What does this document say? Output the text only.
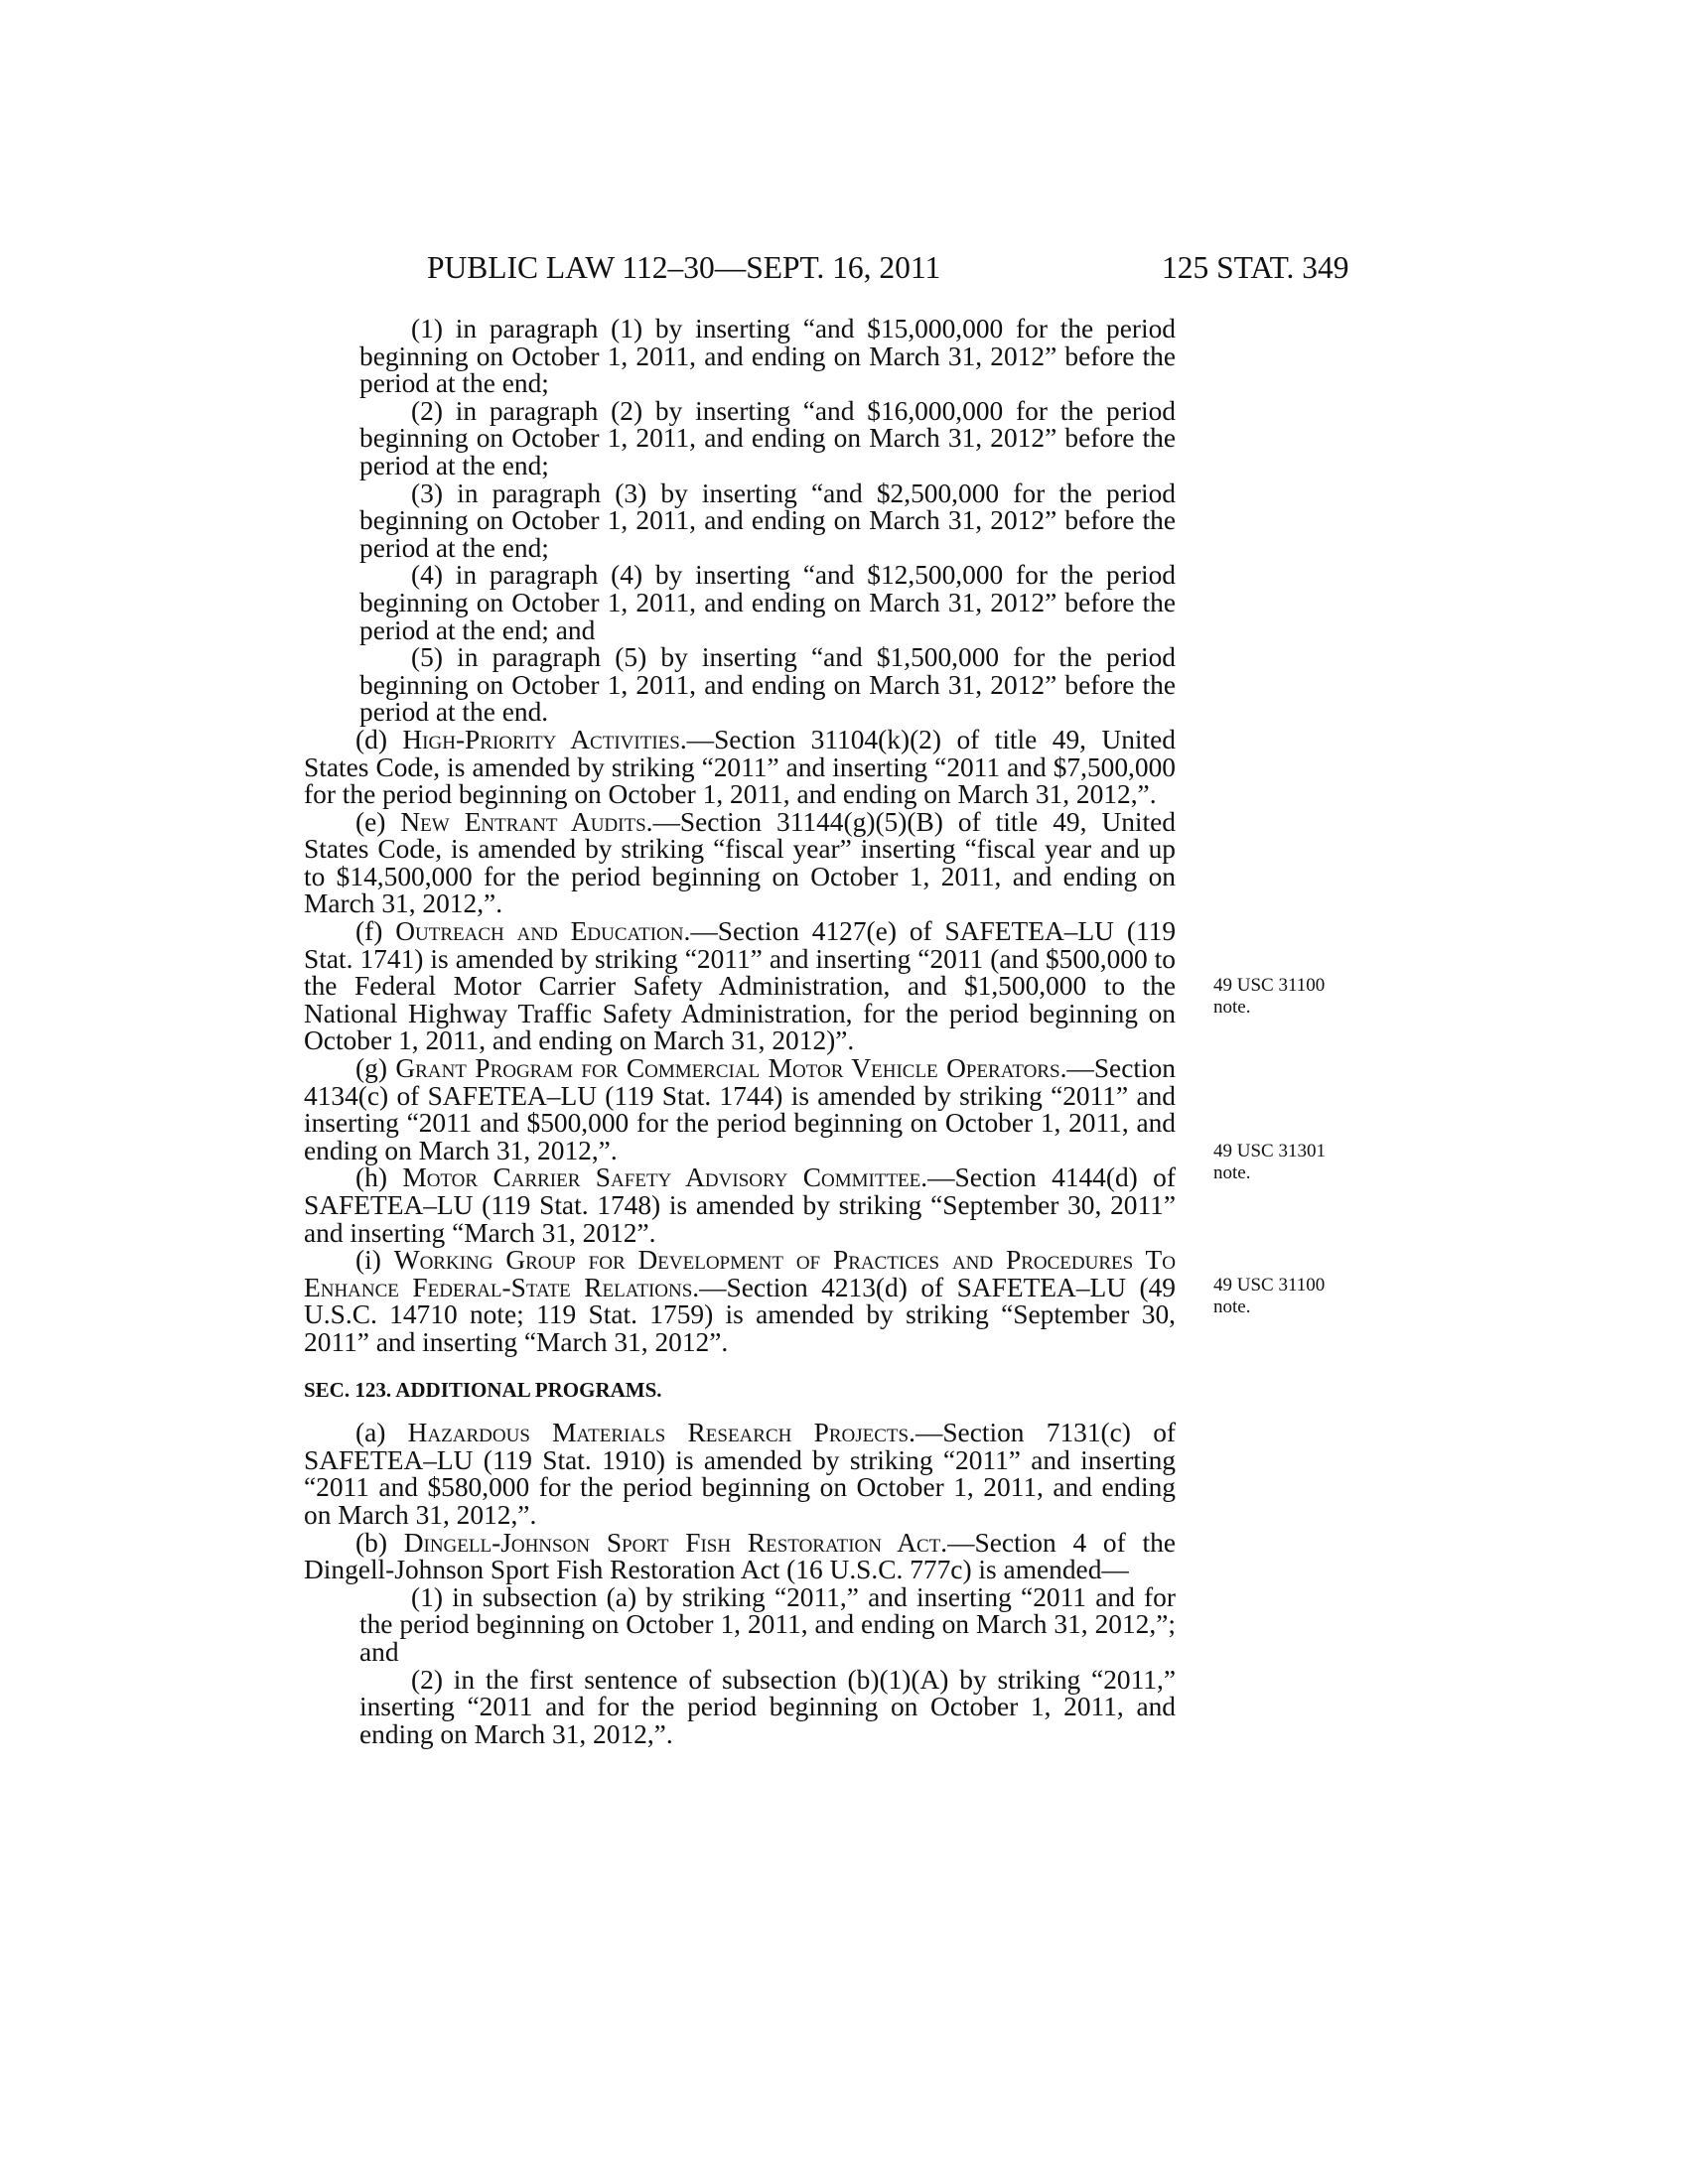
PUBLIC LAW 112–30—SEPT. 16, 2011	125 STAT. 349

(1) in paragraph (1) by inserting “and $15,000,000 for the period beginning on October 1, 2011, and ending on March 31, 2012” before the period at the end;

(2) in paragraph (2) by inserting “and $16,000,000 for the period beginning on October 1, 2011, and ending on March 31, 2012” before the period at the end;

(3) in paragraph (3) by inserting “and $2,500,000 for the period beginning on October 1, 2011, and ending on March 31, 2012” before the period at the end;

(4) in paragraph (4) by inserting “and $12,500,000 for the period beginning on October 1, 2011, and ending on March 31, 2012” before the period at the end; and

(5) in paragraph (5) by inserting “and $1,500,000 for the period beginning on October 1, 2011, and ending on March 31, 2012” before the period at the end.

(d) High-Priority Activities.—Section 31104(k)(2) of title 49, United States Code, is amended by striking “2011” and inserting “2011 and $7,500,000 for the period beginning on October 1, 2011, and ending on March 31, 2012,”.

(e) New Entrant Audits.—Section 31144(g)(5)(B) of title 49, United States Code, is amended by striking “fiscal year” inserting “fiscal year and up to $14,500,000 for the period beginning on October 1, 2011, and ending on March 31, 2012,”.

(f) Outreach and Education.—Section 4127(e) of SAFETEA–LU (119 Stat. 1741) is amended by striking “2011” and inserting “2011 (and $500,000 to the Federal Motor Carrier Safety Administration, and $1,500,000 to the National Highway Traffic Safety Administration, for the period beginning on October 1, 2011, and ending on March 31, 2012)”.

(g) Grant Program for Commercial Motor Vehicle Operators.—Section 4134(c) of SAFETEA–LU (119 Stat. 1744) is amended by striking “2011” and inserting “2011 and $500,000 for the period beginning on October 1, 2011, and ending on March 31, 2012,”.

(h) Motor Carrier Safety Advisory Committee.—Section 4144(d) of SAFETEA–LU (119 Stat. 1748) is amended by striking “September 30, 2011” and inserting “March 31, 2012”.

(i) Working Group for Development of Practices and Procedures To Enhance Federal-State Relations.—Section 4213(d) of SAFETEA–LU (49 U.S.C. 14710 note; 119 Stat. 1759) is amended by striking “September 30, 2011” and inserting “March 31, 2012”.

SEC. 123. ADDITIONAL PROGRAMS.

(a) Hazardous Materials Research Projects.—Section 7131(c) of SAFETEA–LU (119 Stat. 1910) is amended by striking “2011” and inserting “2011 and $580,000 for the period beginning on October 1, 2011, and ending on March 31, 2012,”.

(b) Dingell-Johnson Sport Fish Restoration Act.—Section 4 of the Dingell-Johnson Sport Fish Restoration Act (16 U.S.C. 777c) is amended—

(1) in subsection (a) by striking “2011,” and inserting “2011 and for the period beginning on October 1, 2011, and ending on March 31, 2012,”; and

(2) in the first sentence of subsection (b)(1)(A) by striking “2011,” inserting “2011 and for the period beginning on October 1, 2011, and ending on March 31, 2012,”.

49 USC 31100
note.
49 USC 31301
note.
49 USC 31100
note.
